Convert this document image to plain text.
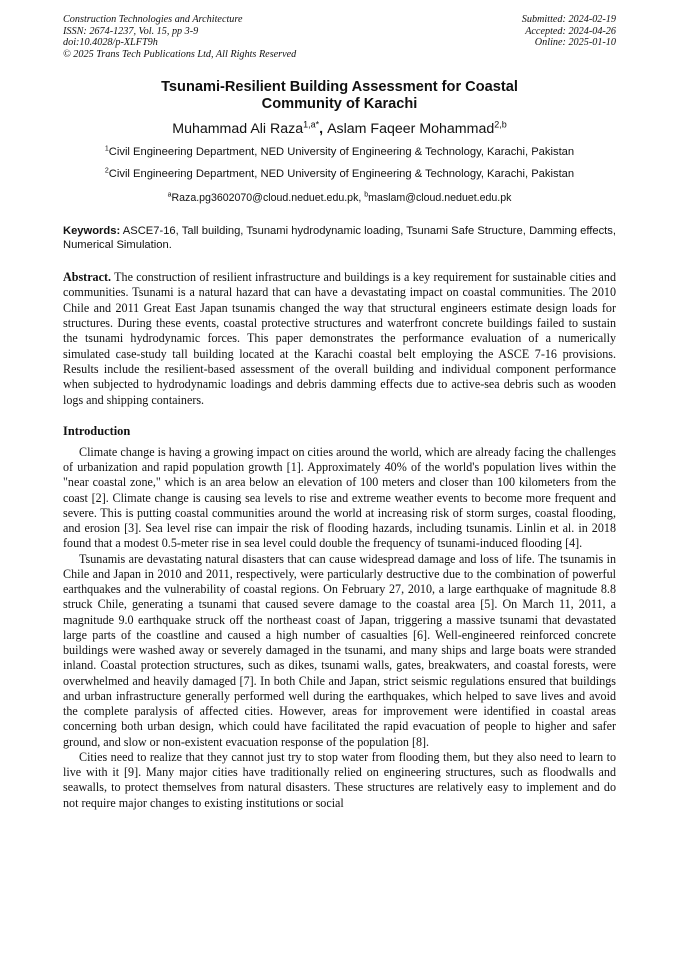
Construction Technologies and Architecture
ISSN: 2674-1237, Vol. 15, pp 3-9
doi:10.4028/p-XLFT9h
© 2025 Trans Tech Publications Ltd, All Rights Reserved
Submitted: 2024-02-19
Accepted: 2024-04-26
Online: 2025-01-10
Tsunami-Resilient Building Assessment for Coastal
Community of Karachi
Muhammad Ali Raza$^{1,a*}$, Aslam Faqeer Mohammad$^{2,b}$
$^1$Civil Engineering Department, NED University of Engineering & Technology, Karachi, Pakistan
$^2$Civil Engineering Department, NED University of Engineering & Technology, Karachi, Pakistan
$^a$Raza.pg3602070@cloud.neduet.edu.pk, $^b$maslam@cloud.neduet.edu.pk
Keywords: ASCE7-16, Tall building, Tsunami hydrodynamic loading, Tsunami Safe Structure, Damming effects, Numerical Simulation.
Abstract. The construction of resilient infrastructure and buildings is a key requirement for sustainable cities and communities. Tsunami is a natural hazard that can have a devastating impact on coastal communities. The 2010 Chile and 2011 Great East Japan tsunamis changed the way that structural engineers estimate design loads for structures. During these events, coastal protective structures and waterfront concrete buildings failed to sustain the tsunami hydrodynamic forces. This paper demonstrates the performance evaluation of a numerically simulated case-study tall building located at the Karachi coastal belt employing the ASCE 7-16 provisions. Results include the resilient-based assessment of the overall building and individual component performance when subjected to hydrodynamic loadings and debris damming effects due to active-sea debris such as wooden logs and shipping containers.
Introduction

Climate change is having a growing impact on cities around the world, which are already facing the challenges of urbanization and rapid population growth [1]. Approximately 40% of the world's population lives within the "near coastal zone," which is an area below an elevation of 100 meters and closer than 100 kilometers from the coast [2]. Climate change is causing sea levels to rise and extreme weather events to become more frequent and severe. This is putting coastal communities around the world at increasing risk of storm surges, coastal flooding, and erosion [3]. Sea level rise can impair the risk of flooding hazards, including tsunamis. Linlin et al. in 2018 found that a modest 0.5-meter rise in sea level could double the frequency of tsunami-induced flooding [4].

Tsunamis are devastating natural disasters that can cause widespread damage and loss of life. The tsunamis in Chile and Japan in 2010 and 2011, respectively, were particularly destructive due to the combination of powerful earthquakes and the vulnerability of coastal regions. On February 27, 2010, a large earthquake of magnitude 8.8 struck Chile, generating a tsunami that caused severe damage to the coastal area [5]. On March 11, 2011, a magnitude 9.0 earthquake struck off the northeast coast of Japan, triggering a massive tsunami that devastated large parts of the coastline and caused a high number of casualties [6]. Well-engineered reinforced concrete buildings were washed away or severely damaged in the tsunami, and many ships and large boats were stranded inland. Coastal protection structures, such as dikes, tsunami walls, gates, breakwaters, and coastal forests, were overwhelmed and heavily damaged [7]. In both Chile and Japan, strict seismic regulations ensured that buildings and urban infrastructure generally performed well during the earthquakes, which helped to save lives and avoid the complete paralysis of affected cities. However, areas for improvement were identified in coastal areas concerning both urban design, which could have facilitated the rapid evacuation of people to higher and safer ground, and slow or non-existent evacuation response of the population [8].

Cities need to realize that they cannot just try to stop water from flooding them, but they also need to learn to live with it [9]. Many major cities have traditionally relied on engineering structures, such as floodwalls and seawalls, to protect themselves from natural disasters. These structures are relatively easy to implement and do not require major changes to existing institutions or social
